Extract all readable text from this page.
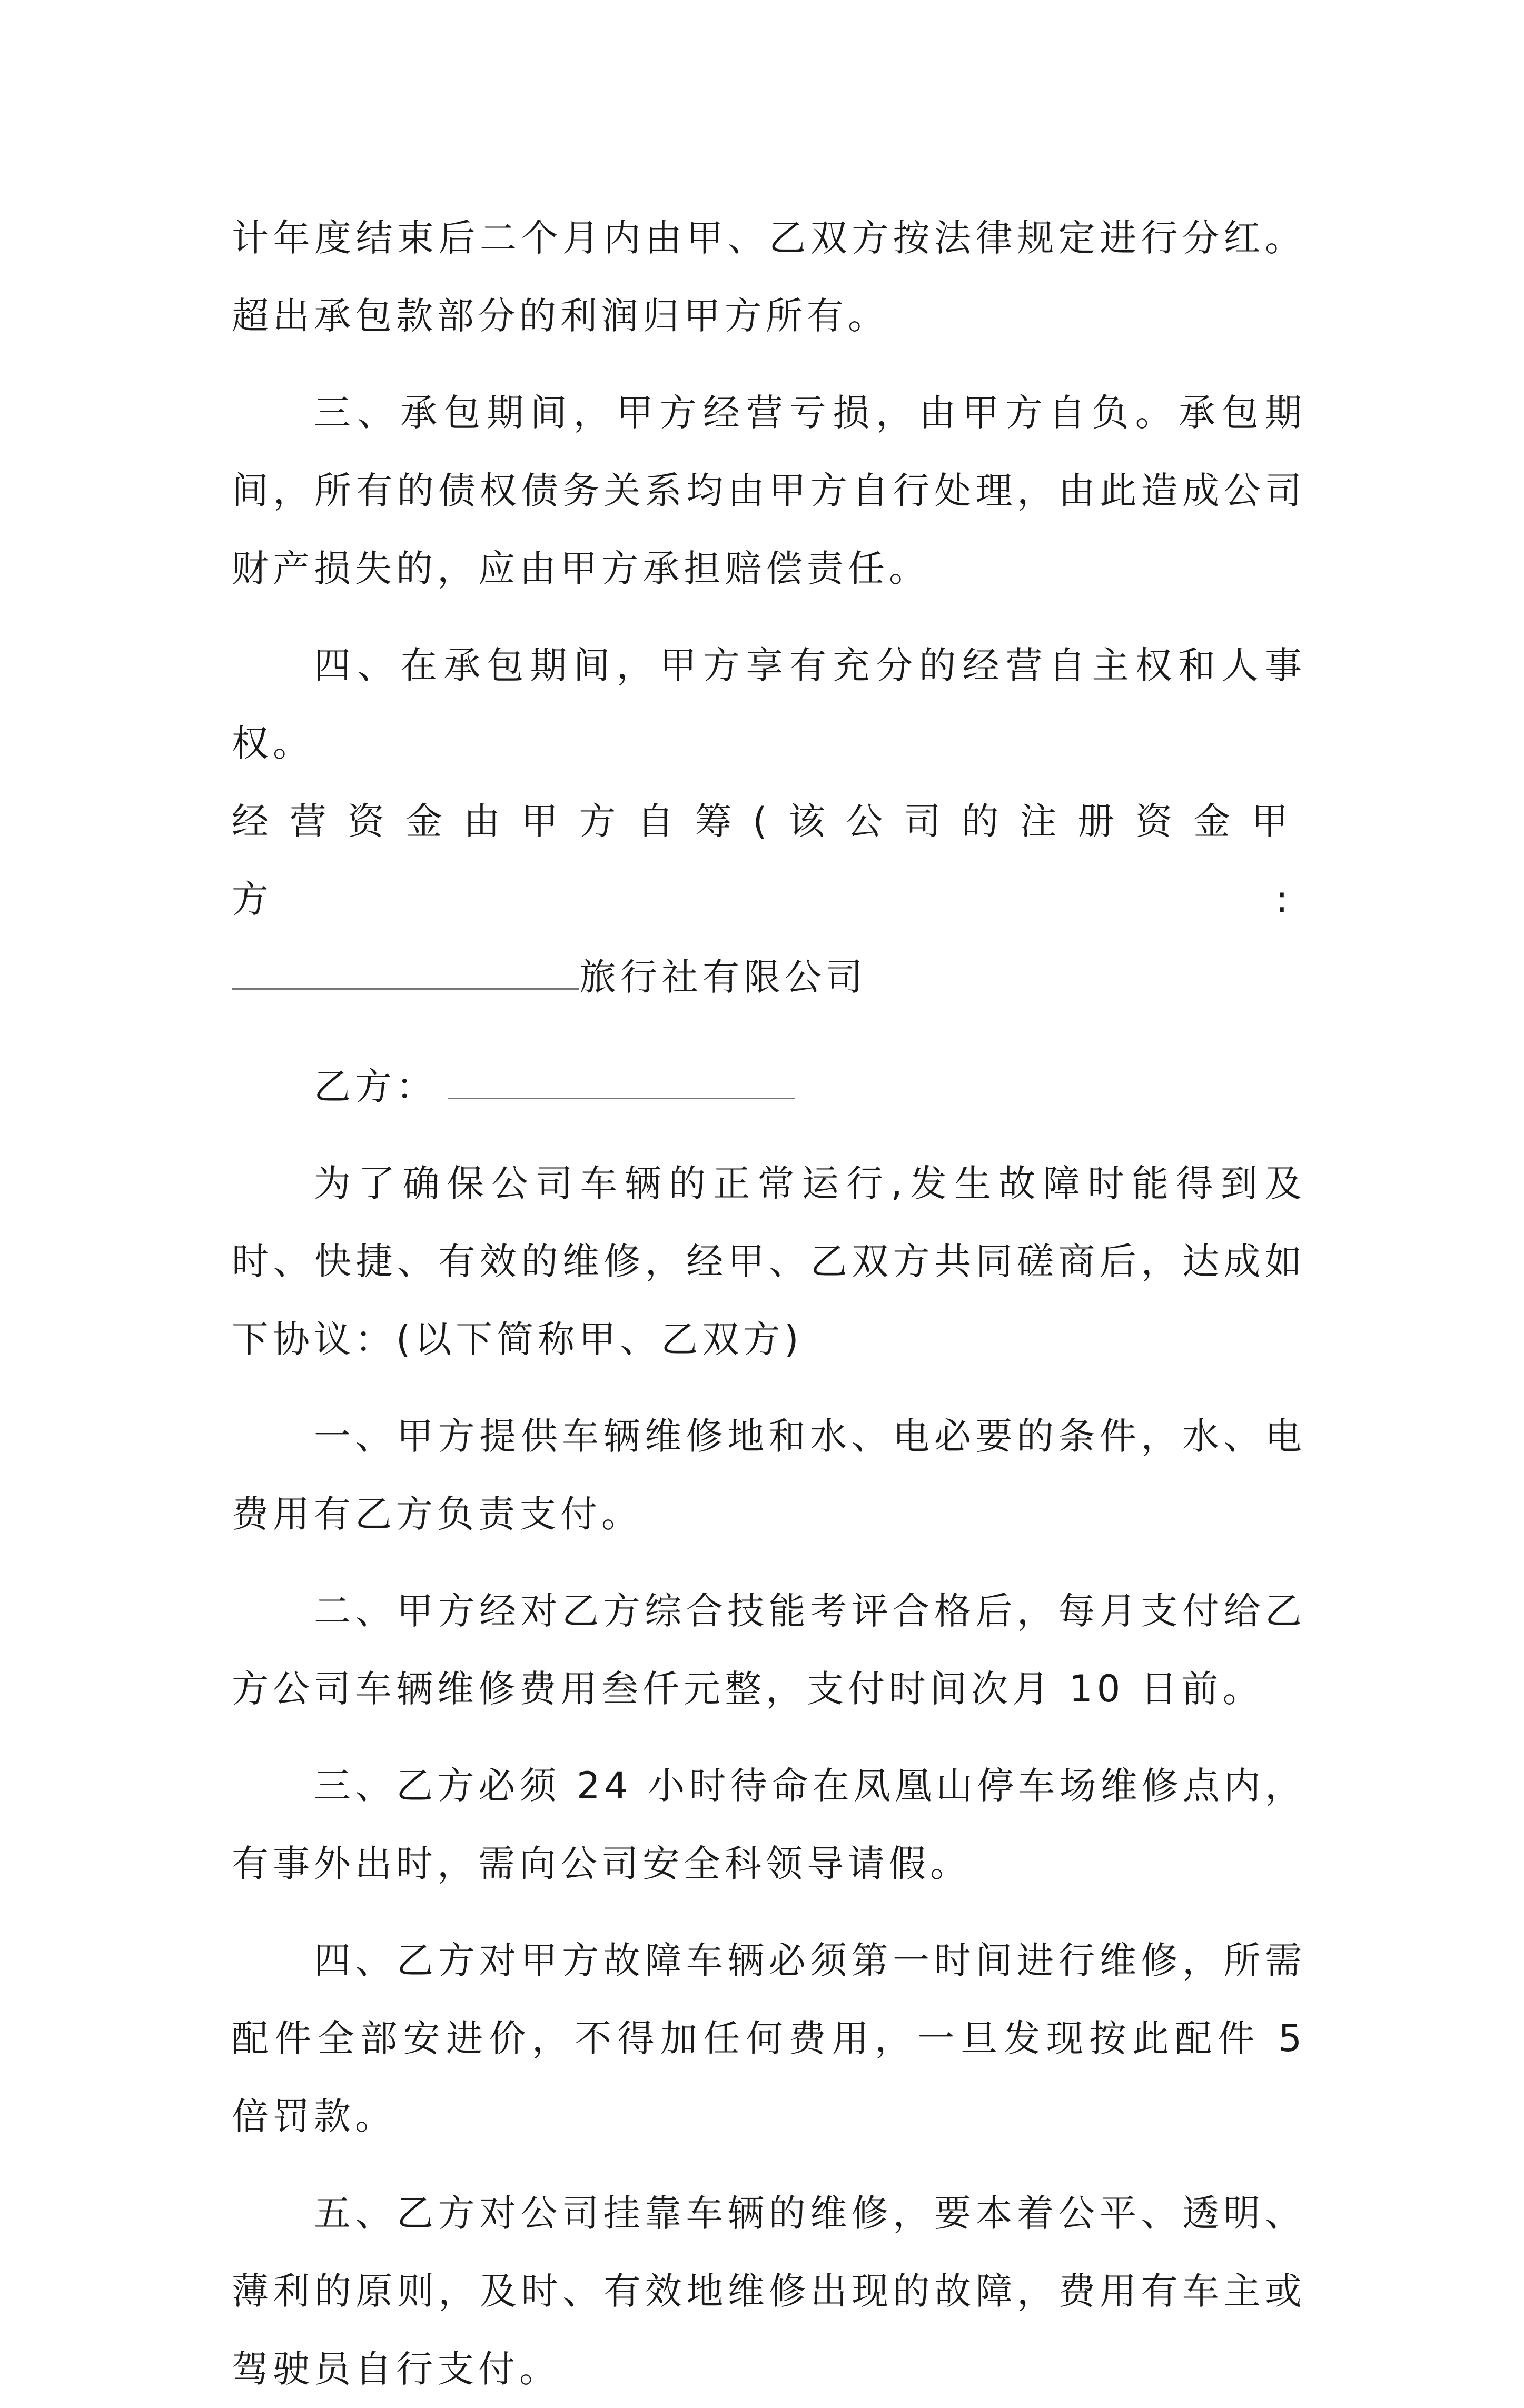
计年度结束后二个月内由甲、乙双方按法律规定进行分红。超出承包款部分的利润归甲方所有。

三、承包期间，甲方经营亏损，由甲方自负。承包期间，所有的债权债务关系均由甲方自行处理，由此造成公司财产损失的，应由甲方承担赔偿责任。

四、在承包期间，甲方享有充分的经营自主权和人事权。

经营资金由甲方自筹(该公司的注册资金甲方:

旅行社有限公司

乙方：

为了确保公司车辆的正常运行,发生故障时能得到及时、快捷、有效的维修，经甲、乙双方共同磋商后，达成如下协议：(以下简称甲、乙双方)

一、甲方提供车辆维修地和水、电必要的条件，水、电费用有乙方负责支付。

二、甲方经对乙方综合技能考评合格后，每月支付给乙方公司车辆维修费用叁仟元整，支付时间次月 10 日前。

三、乙方必须 24 小时待命在凤凰山停车场维修点内，有事外出时，需向公司安全科领导请假。

四、乙方对甲方故障车辆必须第一时间进行维修，所需配件全部安进价，不得加任何费用，一旦发现按此配件 5 倍罚款。

五、乙方对公司挂靠车辆的维修，要本着公平、透明、薄利的原则，及时、有效地维修出现的故障，费用有车主或驾驶员自行支付。
